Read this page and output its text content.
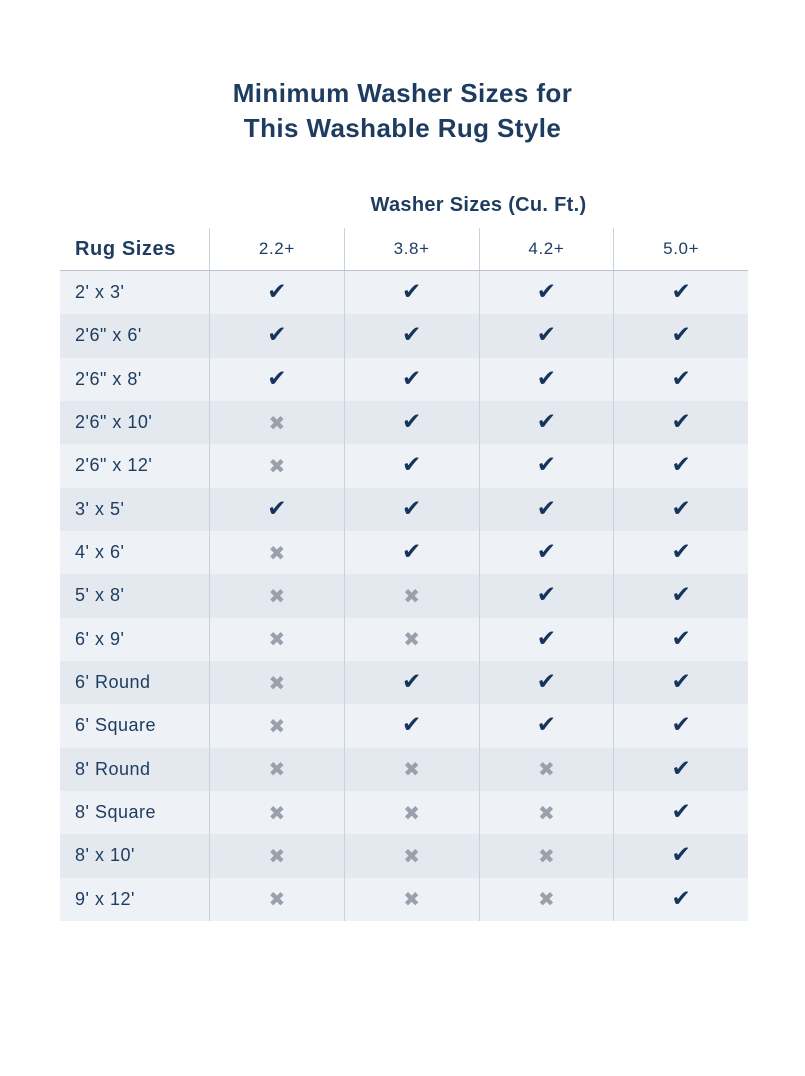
Minimum Washer Sizes for
This Washable Rug Style
Washer Sizes (Cu. Ft.)
Rug Sizes	2.2+	3.8+	4.2+	5.0+
2' x 3'	✔	✔	✔	✔
2'6" x 6'	✔	✔	✔	✔
2'6" x 8'	✔	✔	✔	✔
2'6" x 10'	✖	✔	✔	✔
2'6" x 12'	✖	✔	✔	✔
3' x 5'	✔	✔	✔	✔
4' x 6'	✖	✔	✔	✔
5' x 8'	✖	✖	✔	✔
6' x 9'	✖	✖	✔	✔
6' Round	✖	✔	✔	✔
6' Square	✖	✔	✔	✔
8' Round	✖	✖	✖	✔
8' Square	✖	✖	✖	✔
8' x 10'	✖	✖	✖	✔
9' x 12'	✖	✖	✖	✔
